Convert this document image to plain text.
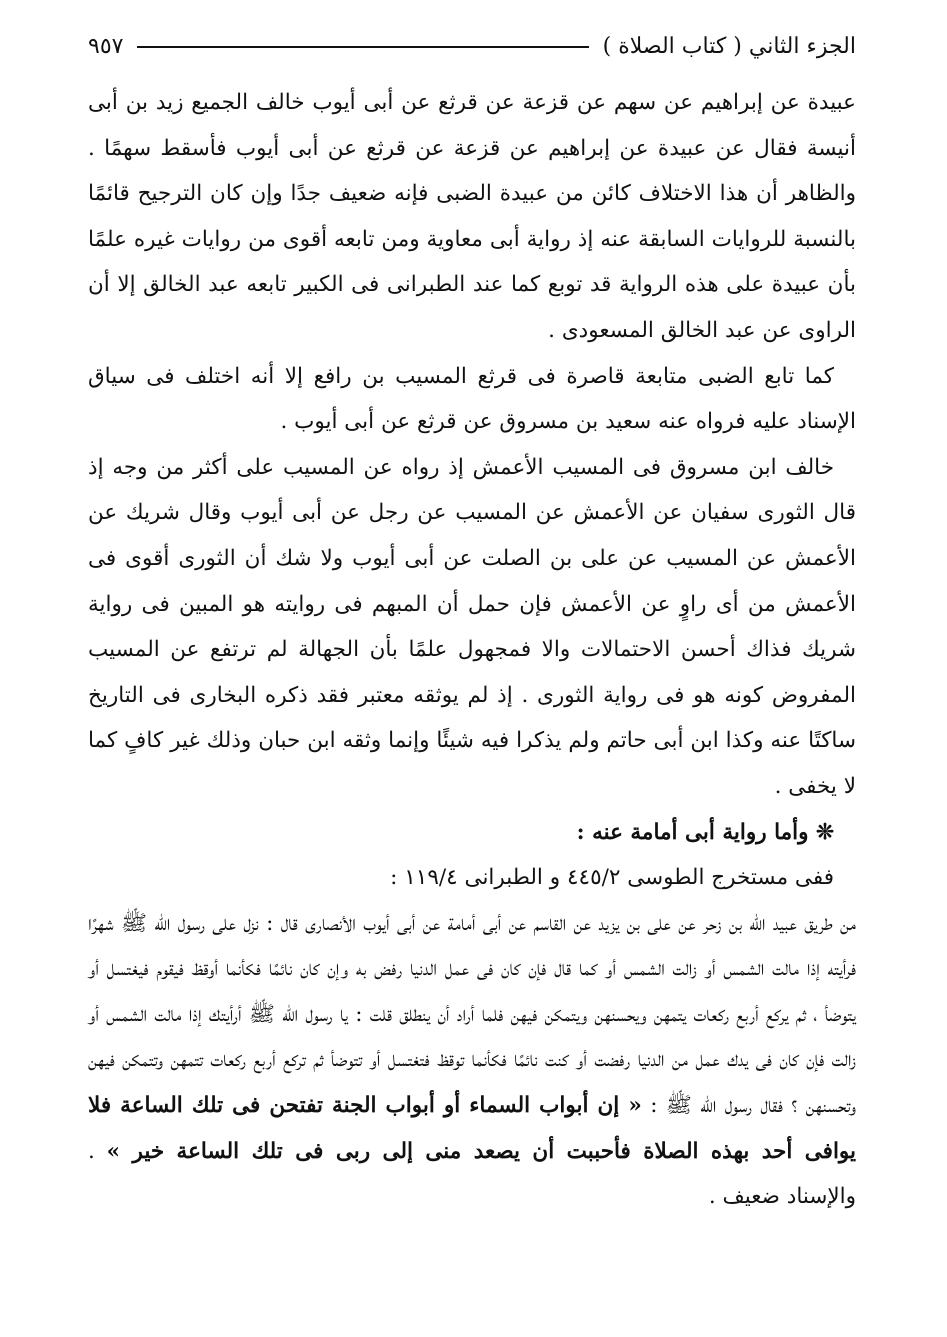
الجزء الثاني ( كتاب الصلاة )
٩٥٧

عبيدة عن إبراهيم عن سهم عن قزعة عن قرثع عن أبى أيوب خالف الجميع زيد بن أبى أنيسة فقال عن عبيدة عن إبراهيم عن قزعة عن قرثع عن أبى أيوب فأسقط سهمًا . والظاهر أن هذا الاختلاف كائن من عبيدة الضبى فإنه ضعيف جدًا وإن كان الترجيح قائمًا بالنسبة للروايات السابقة عنه إذ رواية أبى معاوية ومن تابعه أقوى من روايات غيره علمًا بأن عبيدة على هذه الرواية قد توبع كما عند الطبرانى فى الكبير تابعه عبد الخالق إلا أن الراوى عن عبد الخالق المسعودى .

كما تابع الضبى متابعة قاصرة فى قرثع المسيب بن رافع إلا أنه اختلف فى سياق الإسناد عليه فرواه عنه سعيد بن مسروق عن قرثع عن أبى أيوب .

خالف ابن مسروق فى المسيب الأعمش إذ رواه عن المسيب على أكثر من وجه إذ قال الثورى سفيان عن الأعمش عن المسيب عن رجل عن أبى أيوب وقال شريك عن الأعمش عن المسيب عن على بن الصلت عن أبى أيوب ولا شك أن الثورى أقوى فى الأعمش من أى راوٍ عن الأعمش فإن حمل أن المبهم فى روايته هو المبين فى رواية شريك فذاك أحسن الاحتمالات والا فمجهول علمًا بأن الجهالة لم ترتفع عن المسيب المفروض كونه هو فى رواية الثورى . إذ لم يوثقه معتبر فقد ذكره البخارى فى التاريخ ساكتًا عنه وكذا ابن أبى حاتم ولم يذكرا فيه شيئًا وإنما وثقه ابن حبان وذلك غير كافٍ كما لا يخفى .

❊ وأما رواية أبى أمامة عنه :

ففى مستخرج الطوسى ٤٤٥/٢ و الطبرانى ١١٩/٤ :

من طريق عبيد الله بن زحر عن على بن يزيد عن القاسم عن أبى أمامة عن أبى أيوب الأنصارى قال : نزل على رسول الله ﷺ شهرًا فرأيته إذا مالت الشمس أو زالت الشمس أو كما قال فإن كان فى عمل الدنيا رفض به وإن كان نائمًا فكأنما أوقظ فيقوم فيغتسل أو يتوضأ ، ثم يركع أربع ركعات يتمهن ويحسنهن ويتمكن فيهن فلما أراد أن ينطلق قلت : يا رسول الله ﷺ أرأيتك إذا مالت الشمس أو زالت فإن كان فى يدك عمل من الدنيا رفضت أو كنت نائمًا فكأنما توقظ فتغتسل أو تتوضأ ثم تركع أربع ركعات تتمهن وتتمكن فيهن وتحسنهن ؟ فقال رسول الله ﷺ : « إن أبواب السماء أو أبواب الجنة تفتحن فى تلك الساعة فلا يوافى أحد بهذه الصلاة فأحببت أن يصعد منى إلى ربى فى تلك الساعة خير » . والإسناد ضعيف .
